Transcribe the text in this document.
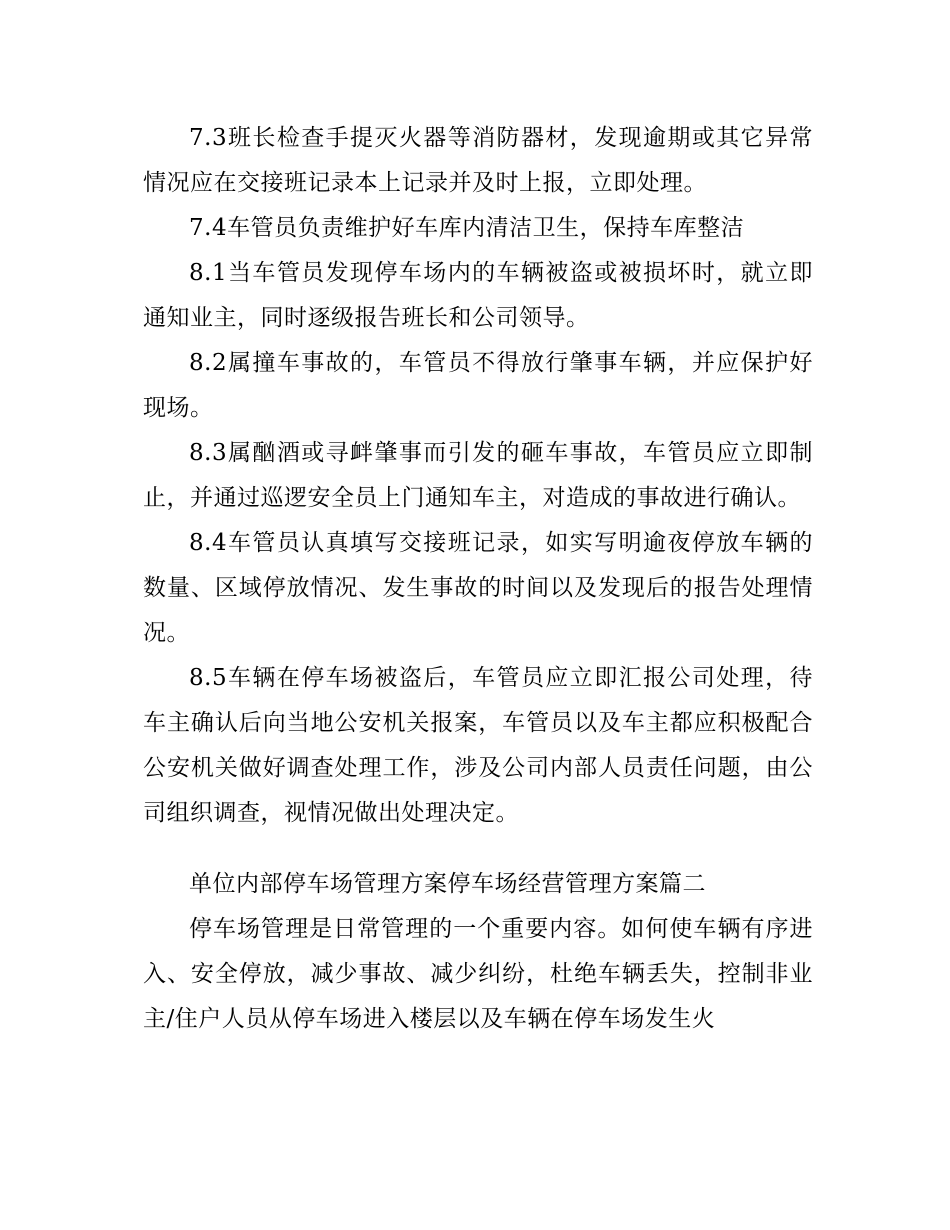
7.3班长检查手提灭火器等消防器材，发现逾期或其它异常情况应在交接班记录本上记录并及时上报，立即处理。

7.4车管员负责维护好车库内清洁卫生，保持车库整洁

8.1当车管员发现停车场内的车辆被盗或被损坏时，就立即通知业主，同时逐级报告班长和公司领导。

8.2属撞车事故的，车管员不得放行肇事车辆，并应保护好现场。

8.3属酗酒或寻衅肇事而引发的砸车事故，车管员应立即制止，并通过巡逻安全员上门通知车主，对造成的事故进行确认。

8.4车管员认真填写交接班记录，如实写明逾夜停放车辆的数量、区域停放情况、发生事故的时间以及发现后的报告处理情况。

8.5车辆在停车场被盗后，车管员应立即汇报公司处理，待车主确认后向当地公安机关报案，车管员以及车主都应积极配合公安机关做好调查处理工作，涉及公司内部人员责任问题，由公司组织调查，视情况做出处理决定。

单位内部停车场管理方案停车场经营管理方案篇二

停车场管理是日常管理的一个重要内容。如何使车辆有序进入、安全停放，减少事故、减少纠纷，杜绝车辆丢失，控制非业主/住户人员从停车场进入楼层以及车辆在停车场发生火
